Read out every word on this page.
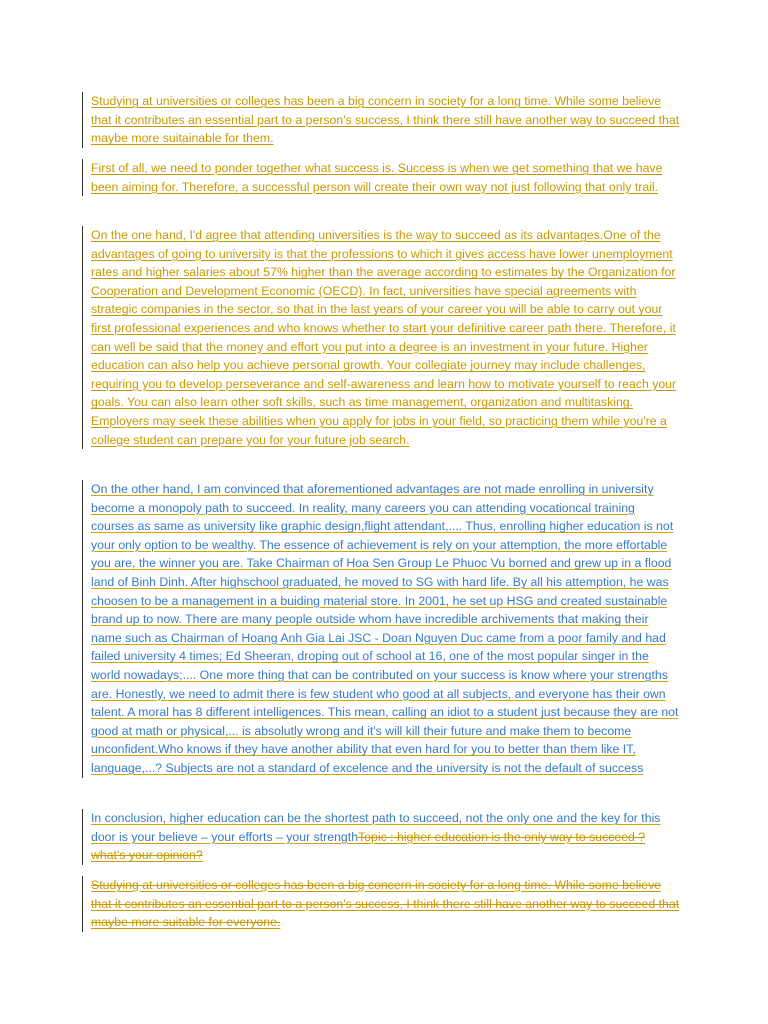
Studying at universities or colleges has been a big concern in society for a long time. While some believe that it contributes an essential part to a person's success, I think there still have another way to succeed that maybe more suitainable for them.

First of all, we need to ponder together what success is. Success is when we get something that we have been aiming for. Therefore, a successful person will create their own way not just following that only trail.

On the one hand, I'd agree that attending universities is the way to succeed as its advantages.One of the advantages of going to university is that the professions to which it gives access have lower unemployment rates and higher salaries about 57% higher than the average according to estimates by the Organization for Cooperation and Development Economic (OECD). In fact, universities have special agreements with strategic companies in the sector, so that in the last years of your career you will be able to carry out your first professional experiences and who knows whether to start your definitive career path there. Therefore, it can well be said that the money and effort you put into a degree is an investment in your future. Higher education can also help you achieve personal growth. Your collegiate journey may include challenges, requiring you to develop perseverance and self-awareness and learn how to motivate yourself to reach your goals. You can also learn other soft skills, such as time management, organization and multitasking. Employers may seek these abilities when you apply for jobs in your field, so practicing them while you're a college student can prepare you for your future job search.

On the other hand, I am convinced that aforementioned advantages are not made enrolling in university become a monopoly path to succeed. In reality, many careers you can attending vocationcal training courses as same as university like graphic design,flight attendant,.... Thus, enrolling higher education is not your only option to be wealthy. The essence of achievement is rely on your attemption, the more effortable you are, the winner you are. Take Chairman of Hoa Sen Group Le Phuoc Vu borned and grew up in a flood land of Binh Dinh. After highschool graduated, he moved to SG with hard life. By all his attemption, he was choosen to be a management in a buiding material store. In 2001, he set up HSG and created sustainable brand up to now. There are many people outside whom have incredible archivements that making their name such as Chairman of Hoang Anh Gia Lai JSC - Doan Nguyen Duc came from a poor family and had failed university 4 times; Ed Sheeran, droping out of school at 16, one of the most popular singer in the world nowadays;.... One more thing that can be contributed on your success is know where your strengths are. Honestly, we need to admit there is few student who good at all subjects, and everyone has their own talent. A moral has 8 different intelligences. This mean, calling an idiot to a student just because they are not good at math or physical,... is absolutly wrong and it's will kill their future and make them to become unconfident.Who knows if they have another ability that even hard for you to better than them like IT, language,...? Subjects are not a standard of excelence and the university is not the default of success

In conclusion, higher education can be the shortest path to succeed, not the only one and the key for this door is your believe – your efforts – your strengthTopic : higher education is the only way to succeed ? what's your opinion?

Studying at universities or colleges has been a big concern in society for a long time. While some believe that it contributes an essential part to a person's success, I think there still have another way to succeed that maybe more suitable for everyone.
